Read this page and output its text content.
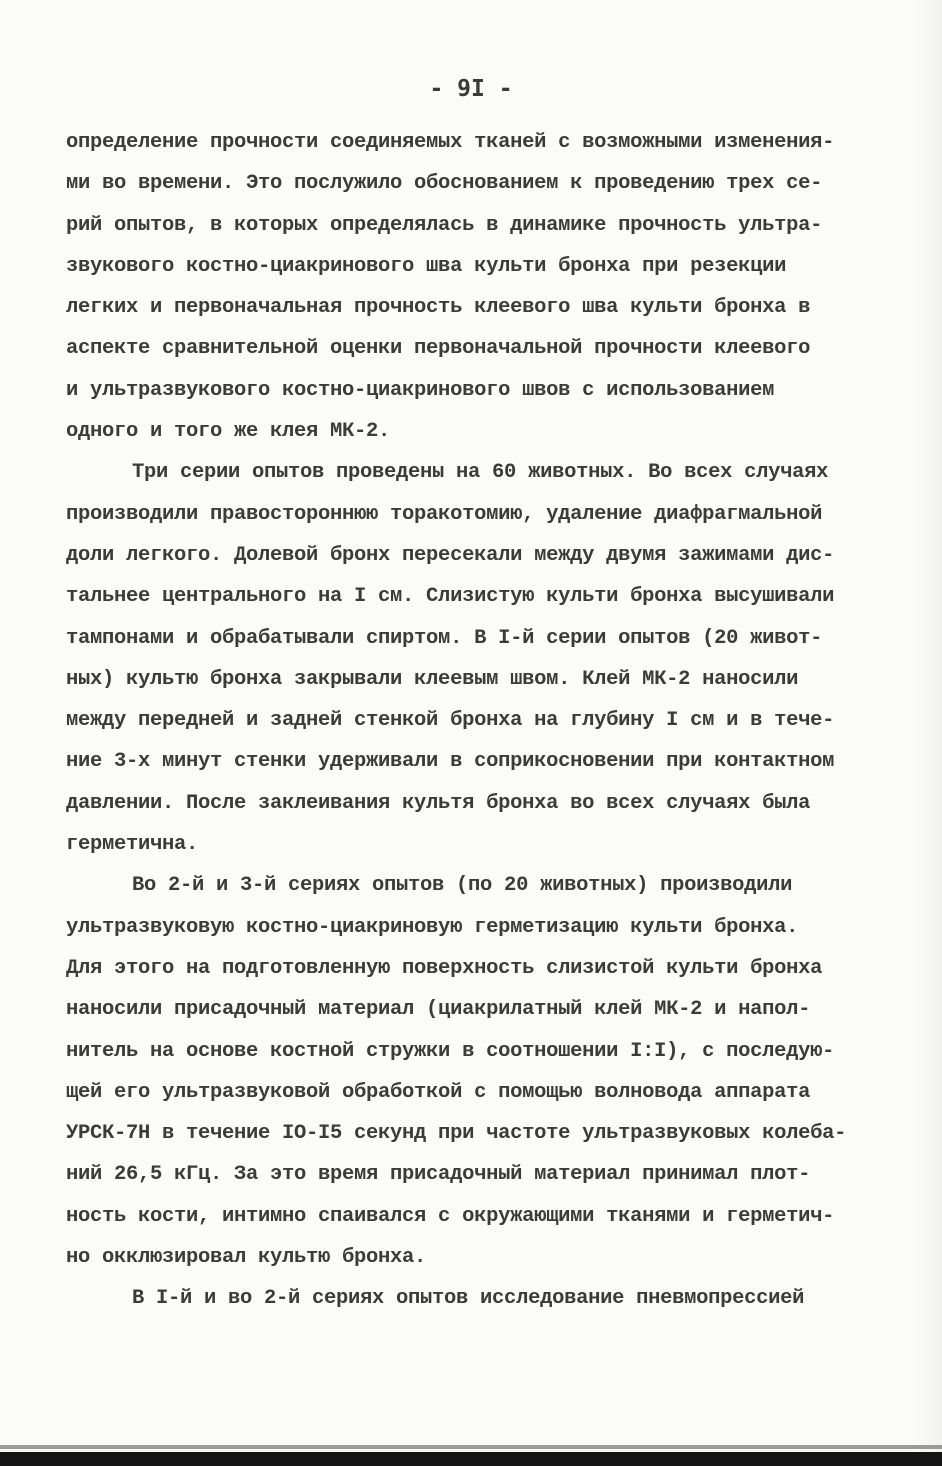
- 9I -
определение прочности соединяемых тканей с возможными изменения-
ми во времени. Это послужило обоснованием к проведению трех се-
рий опытов, в которых определялась в динамике прочность ультра-
звукового костно-циакринового шва культи бронха при резекции
легких и первоначальная прочность клеевого шва культи бронха в
аспекте сравнительной оценки первоначальной прочности клеевого
и ультразвукового костно-циакринового швов с использованием
одного и того же клея МК-2.
Три серии опытов проведены на 60 животных. Во всех случаях
производили правостороннюю торакотомию, удаление диафрагмальной
доли легкого. Долевой бронх пересекали между двумя зажимами дис-
тальнее центрального на I см. Слизистую культи бронха высушивали
тампонами и обрабатывали спиртом. В I-й серии опытов (20 живот-
ных) культю бронха закрывали клеевым швом. Клей МК-2 наносили
между передней и задней стенкой бронха на глубину I см и в тече-
ние 3-х минут стенки удерживали в соприкосновении при контактном
давлении. После заклеивания культя бронха во всех случаях была
герметична.
Во 2-й и 3-й сериях опытов (по 20 животных) производили
ультразвуковую костно-циакриновую герметизацию культи бронха.
Для этого на подготовленную поверхность слизистой культи бронха
наносили присадочный материал (циакрилатный клей МК-2 и напол-
нитель на основе костной стружки в соотношении I:I), с последую-
щей его ультразвуковой обработкой с помощью волновода аппарата
УРСК-7Н в течение IO-I5 секунд при частоте ультразвуковых колеба-
ний 26,5 кГц. За это время присадочный материал принимал плот-
ность кости, интимно спаивался с окружающими тканями и герметич-
но окклюзировал культю бронха.
В I-й и во 2-й сериях опытов исследование пневмопрессией
